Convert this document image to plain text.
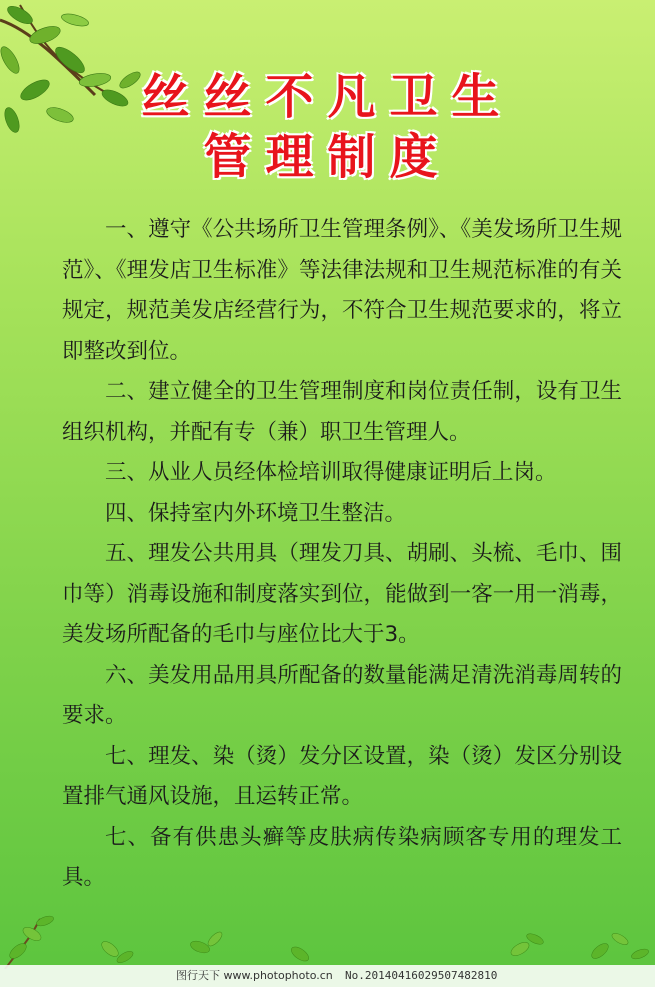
丝丝不凡卫生
管理制度

一、遵守《公共场所卫生管理条例》、《美发场所卫生规范》、《理发店卫生标准》等法律法规和卫生规范标准的有关规定，规范美发店经营行为，不符合卫生规范要求的，将立即整改到位。

二、建立健全的卫生管理制度和岗位责任制，设有卫生组织机构，并配有专（兼）职卫生管理人。

三、从业人员经体检培训取得健康证明后上岗。

四、保持室内外环境卫生整洁。

五、理发公共用具（理发刀具、胡刷、头梳、毛巾、围巾等）消毒设施和制度落实到位，能做到一客一用一消毒，美发场所配备的毛巾与座位比大于3。

六、美发用品用具所配备的数量能满足清洗消毒周转的要求。

七、理发、染（烫）发分区设置，染（烫）发区分别设置排气通风设施，且运转正常。

七、备有供患头癣等皮肤病传染病顾客专用的理发工具。

图行天下 www.photophoto.cn No.20140416029507482810
